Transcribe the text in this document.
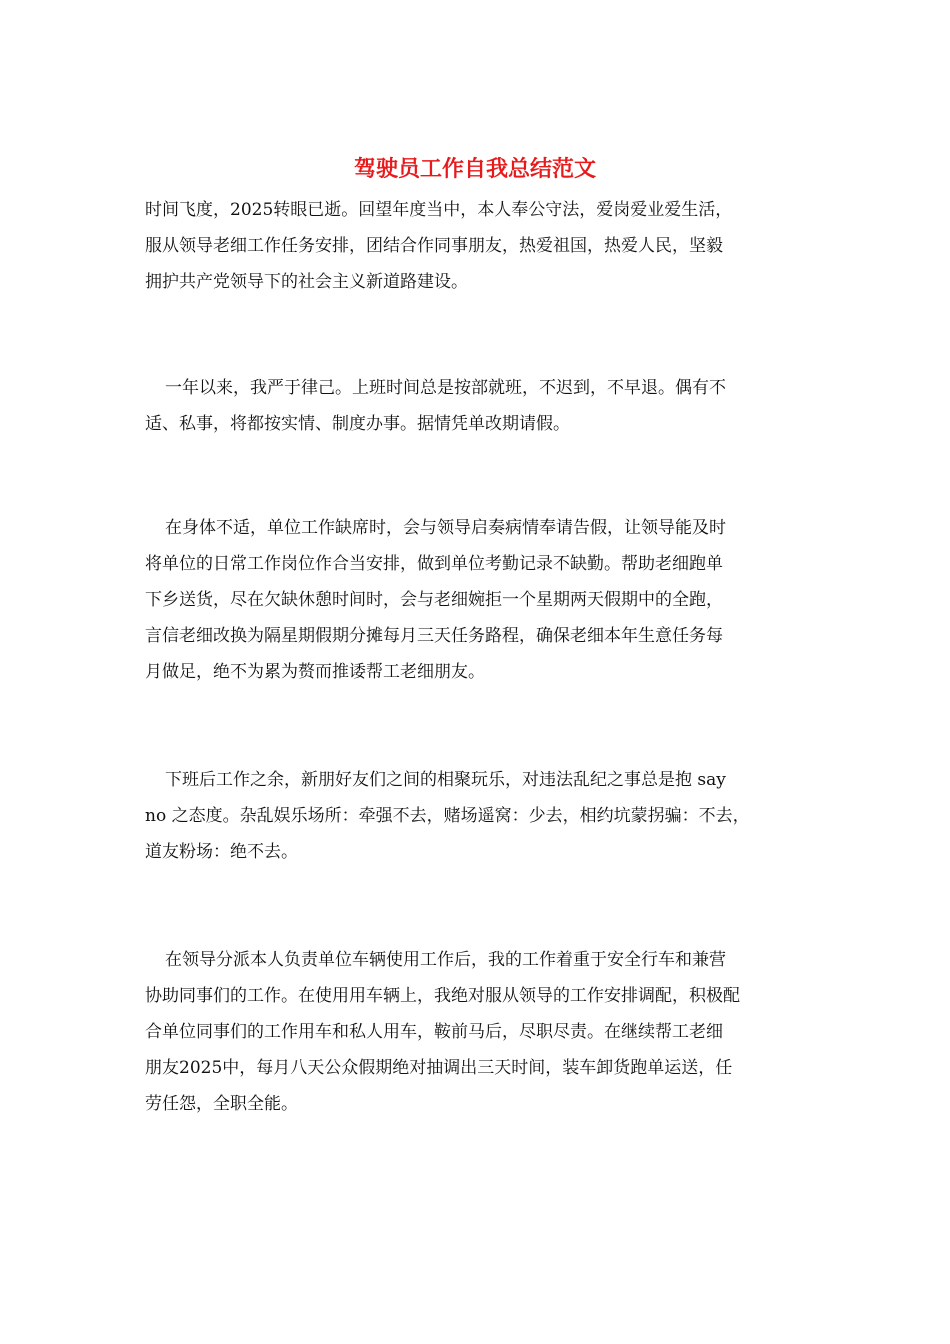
驾驶员工作自我总结范文

时间飞度，2025转眼已逝。回望年度当中，本人奉公守法，爱岗爱业爱生活，
服从领导老细工作任务安排，团结合作同事朋友，热爱祖国，热爱人民，坚毅
拥护共产党领导下的社会主义新道路建设。

一年以来，我严于律己。上班时间总是按部就班，不迟到，不早退。偶有不
适、私事，将都按实情、制度办事。据情凭单改期请假。

在身体不适，单位工作缺席时，会与领导启奏病情奉请告假，让领导能及时
将单位的日常工作岗位作合当安排，做到单位考勤记录不缺勤。帮助老细跑单
下乡送货，尽在欠缺休憩时间时，会与老细婉拒一个星期两天假期中的全跑，
言信老细改换为隔星期假期分摊每月三天任务路程，确保老细本年生意任务每
月做足，绝不为累为赘而推诿帮工老细朋友。

下班后工作之余，新朋好友们之间的相聚玩乐，对违法乱纪之事总是抱 say
no 之态度。杂乱娱乐场所：牵强不去，赌场遥窝：少去，相约坑蒙拐骗：不去，
道友粉场：绝不去。

在领导分派本人负责单位车辆使用工作后，我的工作着重于安全行车和兼营
协助同事们的工作。在使用用车辆上，我绝对服从领导的工作安排调配，积极配
合单位同事们的工作用车和私人用车，鞍前马后，尽职尽责。在继续帮工老细
朋友2025中，每月八天公众假期绝对抽调出三天时间，装车卸货跑单运送，任
劳任怨，全职全能。
